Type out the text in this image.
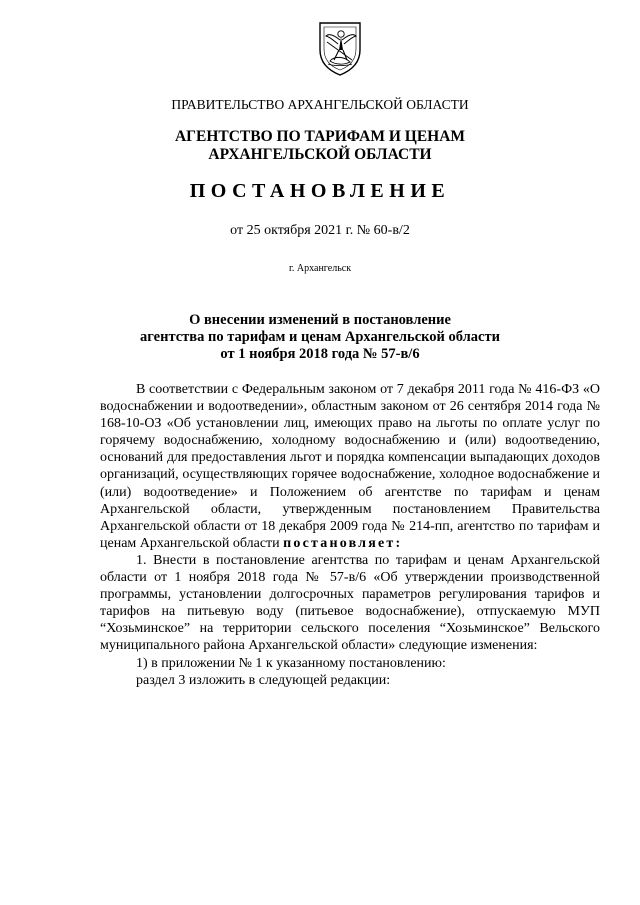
ПРАВИТЕЛЬСТВО АРХАНГЕЛЬСКОЙ ОБЛАСТИ
АГЕНТСТВО ПО ТАРИФАМ И ЦЕНАМ
АРХАНГЕЛЬСКОЙ ОБЛАСТИ
ПОСТАНОВЛЕНИЕ
от 25 октября 2021 г. № 60-в/2
г. Архангельск
О внесении изменений в постановление
агентства по тарифам и ценам Архангельской области
от 1 ноября 2018 года № 57-в/6

В соответствии с Федеральным законом от 7 декабря 2011 года № 416-ФЗ «О водоснабжении и водоотведении», областным законом от 26 сентября 2014 года № 168-10-ОЗ «Об установлении лиц, имеющих право на льготы по оплате услуг по горячему водоснабжению, холодному водоснабжению и (или) водоотведению, оснований для предоставления льгот и порядка компенсации выпадающих доходов организаций, осуществляющих горячее водоснабжение, холодное водоснабжение и (или) водоотведение» и Положением об агентстве по тарифам и ценам Архангельской области, утвержденным постановлением Правительства Архангельской области от 18 декабря 2009 года № 214-пп, агентство по тарифам и ценам Архангельской области постановляет:

1. Внести в постановление агентства по тарифам и ценам Архангельской области от 1 ноября 2018 года № 57-в/6 «Об утверждении производственной программы, установлении долгосрочных параметров регулирования тарифов и тарифов на питьевую воду (питьевое водоснабжение), отпускаемую МУП “Хозьминское” на территории сельского поселения “Хозьминское” Вельского муниципального района Архангельской области» следующие изменения:

1) в приложении № 1 к указанному постановлению:

раздел 3 изложить в следующей редакции:
